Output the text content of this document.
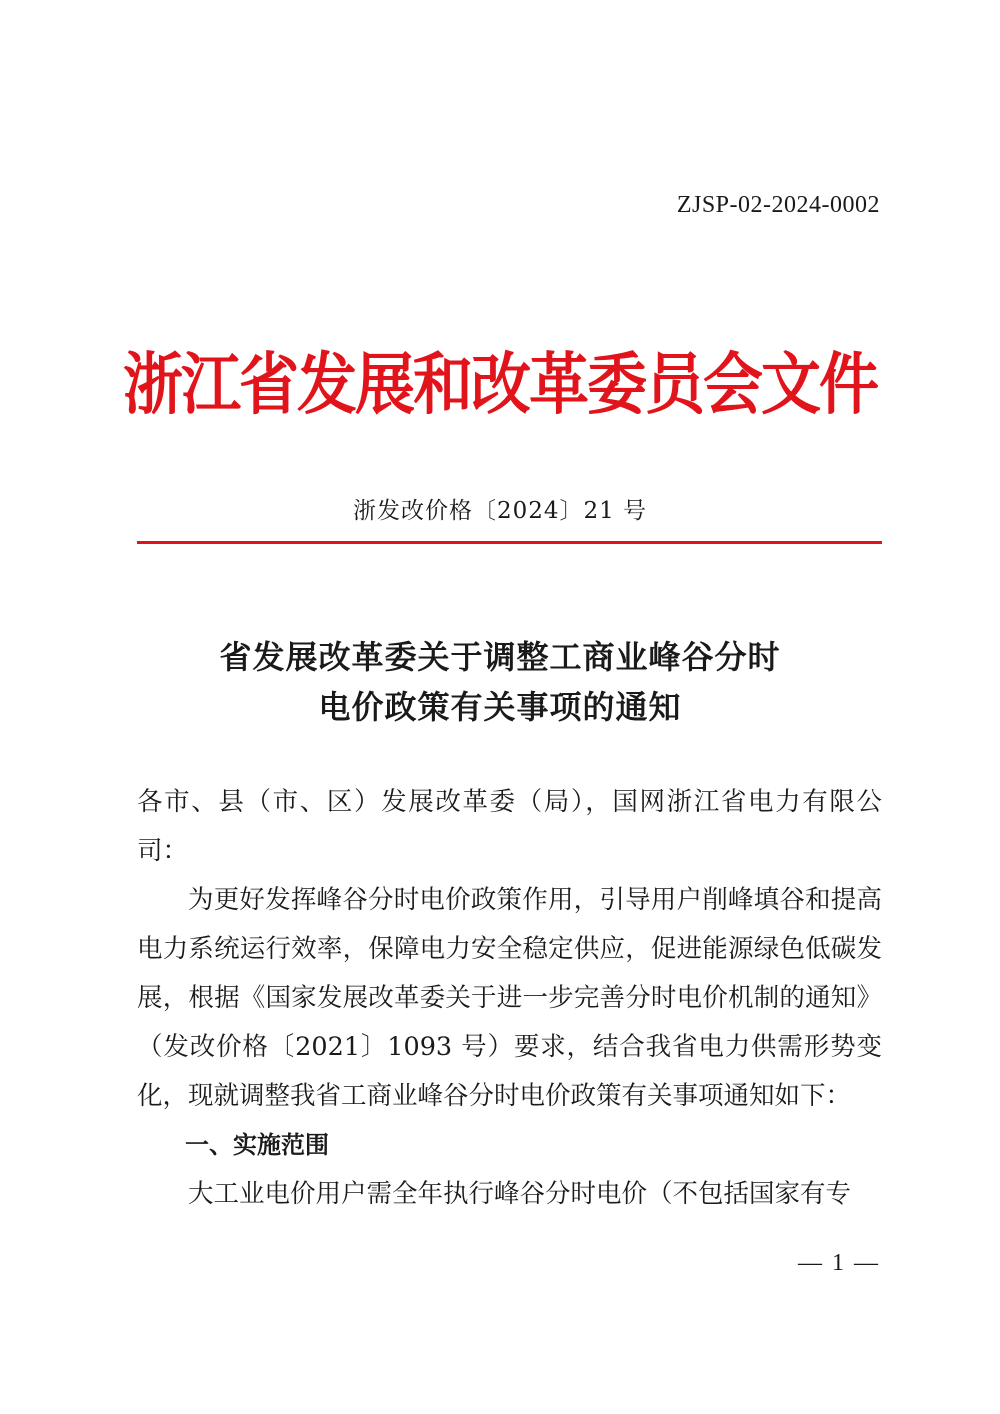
ZJSP-02-2024-0002
浙江省发展和改革委员会文件
浙发改价格〔2024〕21 号
省发展改革委关于调整工商业峰谷分时
电价政策有关事项的通知

各市、县（市、区）发展改革委（局），国网浙江省电力有限公司：

为更好发挥峰谷分时电价政策作用，引导用户削峰填谷和提高电力系统运行效率，保障电力安全稳定供应，促进能源绿色低碳发展，根据《国家发展改革委关于进一步完善分时电价机制的通知》（发改价格〔2021〕1093 号）要求，结合我省电力供需形势变化，现就调整我省工商业峰谷分时电价政策有关事项通知如下：

一、实施范围

大工业电价用户需全年执行峰谷分时电价（不包括国家有专

— 1 —
